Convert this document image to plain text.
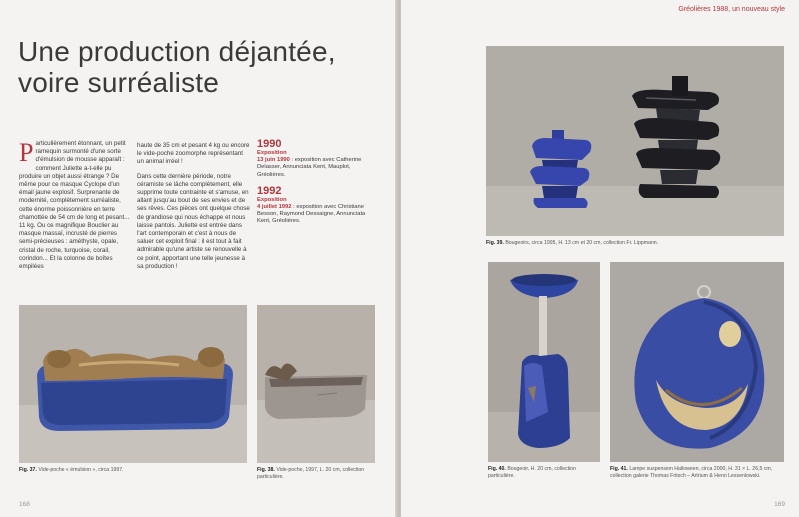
Une production déjantée,
voire surréaliste
Particulièrement étonnant, un petit ramequin surmonté d'une sorte d'émulsion de mousse apparaît : comment Juliette a-t-elle pu produire un objet aussi étrange ? De même pour ce masque Cyclope d'un émail jaune explosif. Surprenante de modernité, complètement surréaliste, cette énorme poissonnière en terre chamottée de 54 cm de long et pesant... 11 kg. Ou ce magnifique Bouclier au masque massaï, incrusté de pierres semi-précieuses : améthyste, opale, cristal de roche, turquoise, corail, corindon... Et la colonne de boîtes empilées
haute de 35 cm et pesant 4 kg ou encore le vide-poche zoomorphe représentant un animal irréel !
Dans cette dernière période, notre céramiste se lâche complètement, elle supprime toute contrainte et s'amuse, en allant jusqu'au bout de ses envies et de ses rêves. Ces pièces ont quelque chose de grandiose qui nous échappe et nous laisse pantois. Juliette est entrée dans l'art contemporain et c'est à nous de saluer cet exploit final : il est tout à fait admirable qu'une artiste se renouvelle à ce point, apportant une telle jeunesse à sa production !
1990
Exposition
13 juin 1990 : exposition avec Catherine Delasser, Annunciata Kent, Mauplot, Gréolières.
1992
Exposition
4 juillet 1992 : exposition avec Christiane Besson, Raymond Dessaigne, Annunciata Kent, Gréolières.
Fig. 37. Vide-poche « émulsion », circa 1997.	Fig. 38. Vide-poche, 1997, L. 20 cm, collection particulière.
168
Gréolières 1988, un nouveau style
Fig. 39. Bougeoirs, circa 1995, H. 13 cm et 20 cm, collection Fr. Lippmann.
Fig. 40. Bougeoir, H. 20 cm, collection particulière.
Fig. 41. Lampe suspension Halloween, circa 2000, H. 31 × L. 26,5 cm, collection galerie Thomas Fritsch – Artrium & Henri Lessenlowski.
169
